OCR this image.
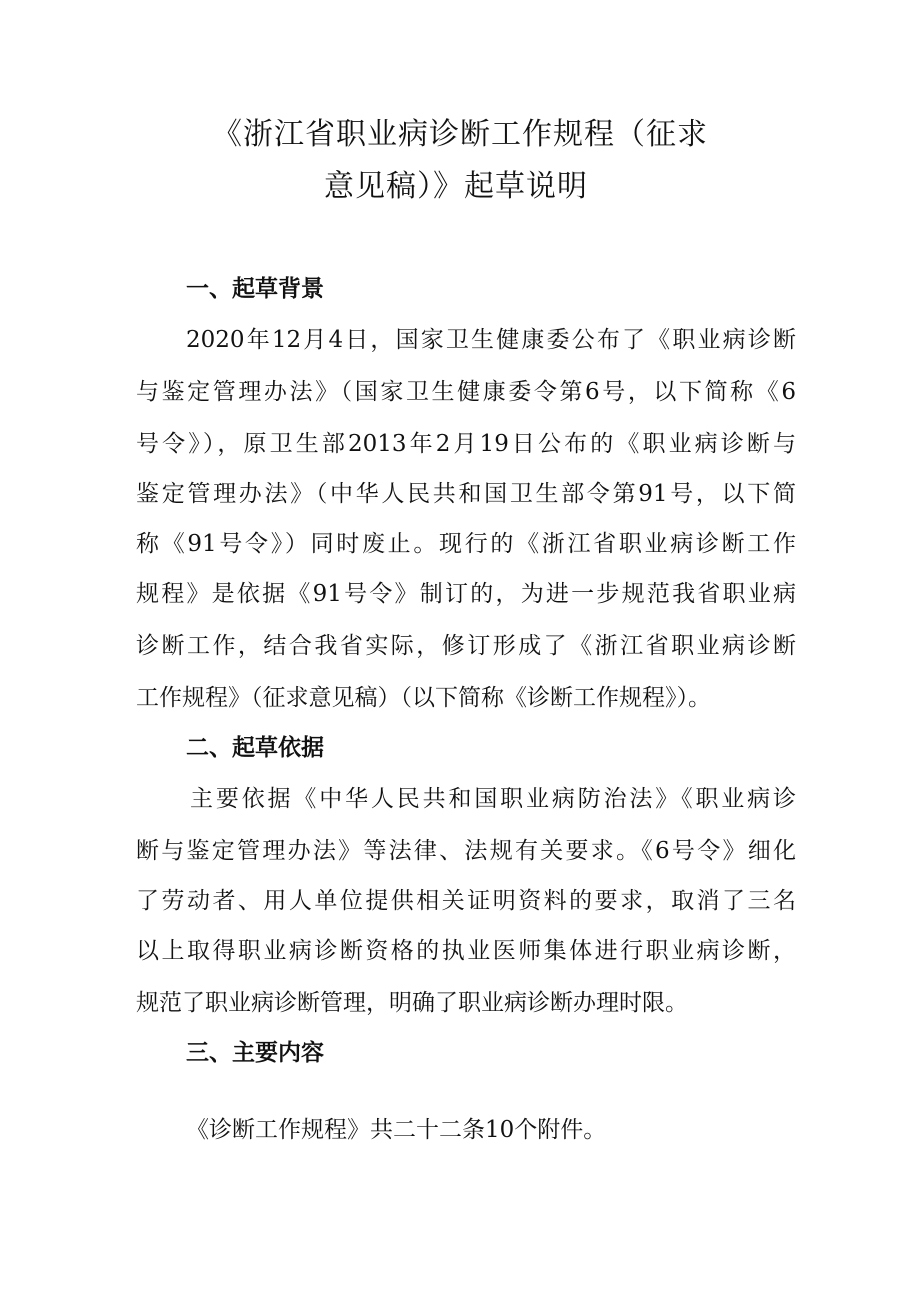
《浙江省职业病诊断工作规程（征求
意见稿）》起草说明
一、起草背景
2020年12月4日，国家卫生健康委公布了《职业病诊断
与鉴定管理办法》（国家卫生健康委令第6号，以下简称《6
号令》），原卫生部2013年2月19日公布的《职业病诊断与
鉴定管理办法》（中华人民共和国卫生部令第91号，以下简
称《91号令》）同时废止。现行的《浙江省职业病诊断工作
规程》是依据《91号令》制订的，为进一步规范我省职业病
诊断工作，结合我省实际，修订形成了《浙江省职业病诊断
工作规程》（征求意见稿）（以下简称《诊断工作规程》）。
二、起草依据
主要依据《中华人民共和国职业病防治法》《职业病诊
断与鉴定管理办法》等法律、法规有关要求。《6号令》细化
了劳动者、用人单位提供相关证明资料的要求，取消了三名
以上取得职业病诊断资格的执业医师集体进行职业病诊断，
规范了职业病诊断管理，明确了职业病诊断办理时限。
三、主要内容
《诊断工作规程》共二十二条10个附件。
